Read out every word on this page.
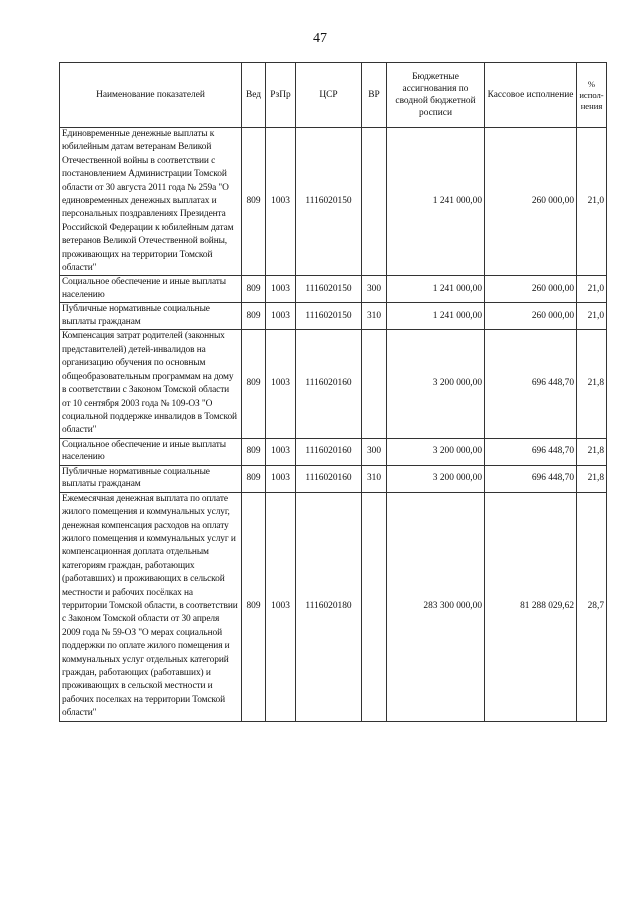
47
Наименование показателей	Вед	РзПр	ЦСР	ВР	Бюджетные ассигнования по сводной бюджетной росписи	Кассовое исполнение	% испол-нения
Единовременные денежные выплаты к юбилейным датам ветеранам Великой Отечественной войны в соответствии с постановлением Администрации Томской области от 30 августа 2011 года № 259а "О единовременных денежных выплатах и персональных поздравлениях Президента Российской Федерации к юбилейным датам ветеранов Великой Отечественной войны, проживающих на территории Томской области"	809	1003	1116020150		1 241 000,00	260 000,00	21,0
Социальное обеспечение и иные выплаты населению	809	1003	1116020150	300	1 241 000,00	260 000,00	21,0
Публичные нормативные социальные выплаты гражданам	809	1003	1116020150	310	1 241 000,00	260 000,00	21,0
Компенсация затрат родителей (законных представителей) детей-инвалидов на организацию обучения по основным общеобразовательным программам на дому в соответствии с Законом Томской области от 10 сентября 2003 года № 109-ОЗ "О социальной поддержке инвалидов в Томской области"	809	1003	1116020160		3 200 000,00	696 448,70	21,8
Социальное обеспечение и иные выплаты населению	809	1003	1116020160	300	3 200 000,00	696 448,70	21,8
Публичные нормативные социальные выплаты гражданам	809	1003	1116020160	310	3 200 000,00	696 448,70	21,8
Ежемесячная денежная выплата по оплате жилого помещения и коммунальных услуг, денежная компенсация расходов на оплату жилого помещения и коммунальных услуг и компенсационная доплата отдельным категориям граждан, работающих (работавших) и проживающих в сельской местности и рабочих посёлках на территории Томской области, в соответствии с Законом Томской области от 30 апреля 2009 года № 59-ОЗ "О мерах социальной поддержки по оплате жилого помещения и коммунальных услуг отдельных категорий граждан, работающих (работавших) и проживающих в сельской местности и рабочих поселках на территории Томской области"	809	1003	1116020180		283 300 000,00	81 288 029,62	28,7
